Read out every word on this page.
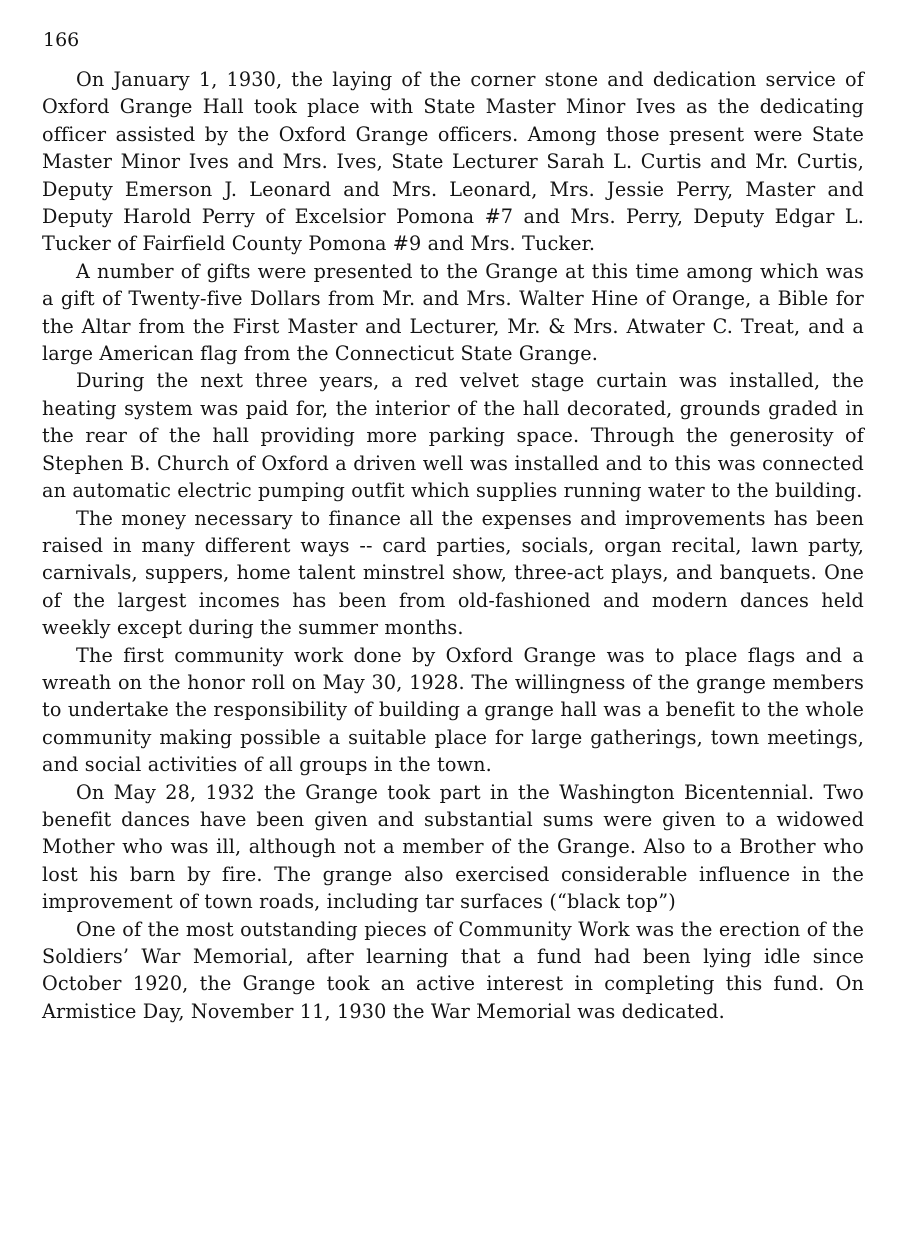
166

On January 1, 1930, the laying of the corner stone and dedication service of Oxford Grange Hall took place with State Master Minor Ives as the dedicating officer assisted by the Oxford Grange officers. Among those present were State Master Minor Ives and Mrs. Ives, State Lecturer Sarah L. Curtis and Mr. Curtis, Deputy Emerson J. Leonard and Mrs. Leonard, Mrs. Jessie Perry, Master and Deputy Harold Perry of Excelsior Pomona #7 and Mrs. Perry, Deputy Edgar L. Tucker of Fairfield County Pomona #9 and Mrs. Tucker.

A number of gifts were presented to the Grange at this time among which was a gift of Twenty-five Dollars from Mr. and Mrs. Walter Hine of Orange, a Bible for the Altar from the First Master and Lecturer, Mr. & Mrs. Atwater C. Treat, and a large American flag from the Connecticut State Grange.

During the next three years, a red velvet stage curtain was installed, the heating system was paid for, the interior of the hall decorated, grounds graded in the rear of the hall providing more parking space. Through the generosity of Stephen B. Church of Oxford a driven well was installed and to this was connected an automatic electric pumping outfit which supplies running water to the building.

The money necessary to finance all the expenses and improvements has been raised in many different ways -- card parties, socials, organ recital, lawn party, carnivals, suppers, home talent minstrel show, three-act plays, and banquets. One of the largest incomes has been from old-fashioned and modern dances held weekly except during the summer months.

The first community work done by Oxford Grange was to place flags and a wreath on the honor roll on May 30, 1928. The willingness of the grange members to undertake the responsibility of building a grange hall was a benefit to the whole community making possible a suitable place for large gatherings, town meetings, and social activities of all groups in the town.

On May 28, 1932 the Grange took part in the Washington Bicentennial. Two benefit dances have been given and substantial sums were given to a widowed Mother who was ill, although not a member of the Grange. Also to a Brother who lost his barn by fire. The grange also exercised considerable influence in the improvement of town roads, including tar surfaces (“black top”)

One of the most outstanding pieces of Community Work was the erection of the Soldiers’ War Memorial, after learning that a fund had been lying idle since October 1920, the Grange took an active interest in completing this fund. On Armistice Day, November 11, 1930 the War Memorial was dedicated.
